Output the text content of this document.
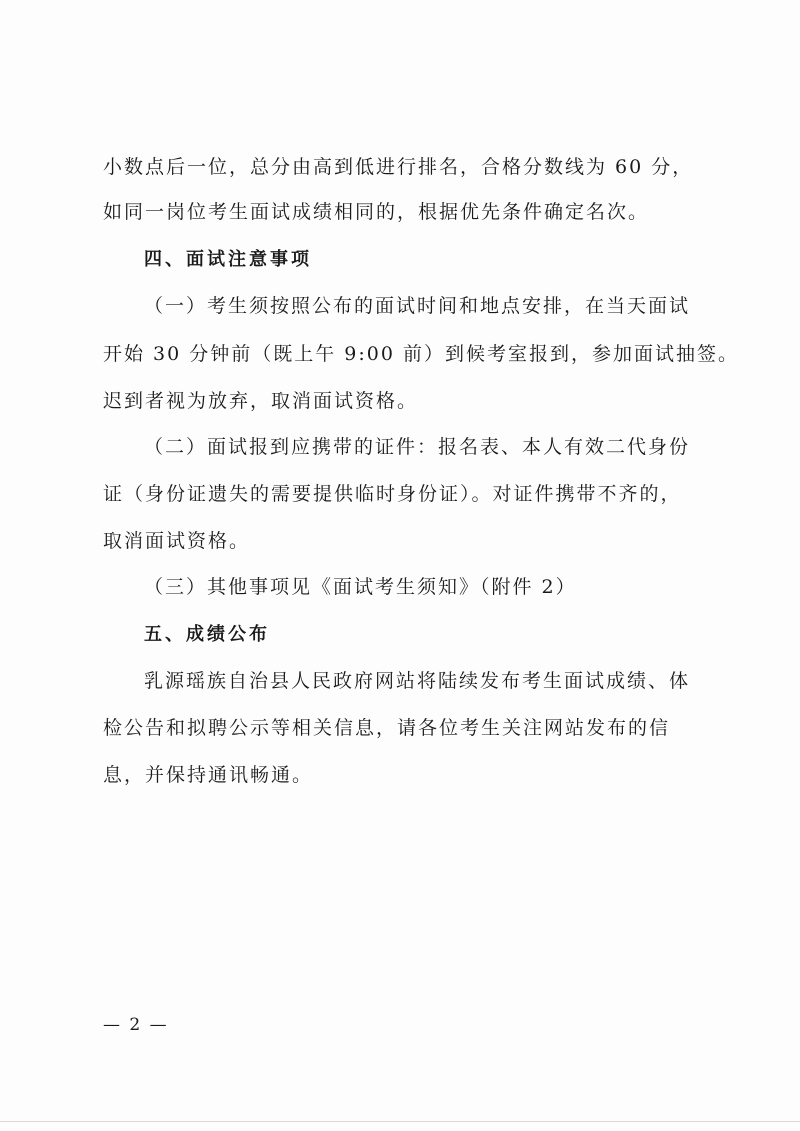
小数点后一位，总分由高到低进行排名，合格分数线为 60 分，
如同一岗位考生面试成绩相同的，根据优先条件确定名次。
四、面试注意事项
（一）考生须按照公布的面试时间和地点安排，在当天面试
开始 30 分钟前（既上午 9:00 前）到候考室报到，参加面试抽签。
迟到者视为放弃，取消面试资格。
（二）面试报到应携带的证件：报名表、本人有效二代身份
证（身份证遗失的需要提供临时身份证）。对证件携带不齐的，
取消面试资格。
（三）其他事项见《面试考生须知》（附件 2）
五、成绩公布
乳源瑶族自治县人民政府网站将陆续发布考生面试成绩、体
检公告和拟聘公示等相关信息，请各位考生关注网站发布的信
息，并保持通讯畅通。
— 2 —
